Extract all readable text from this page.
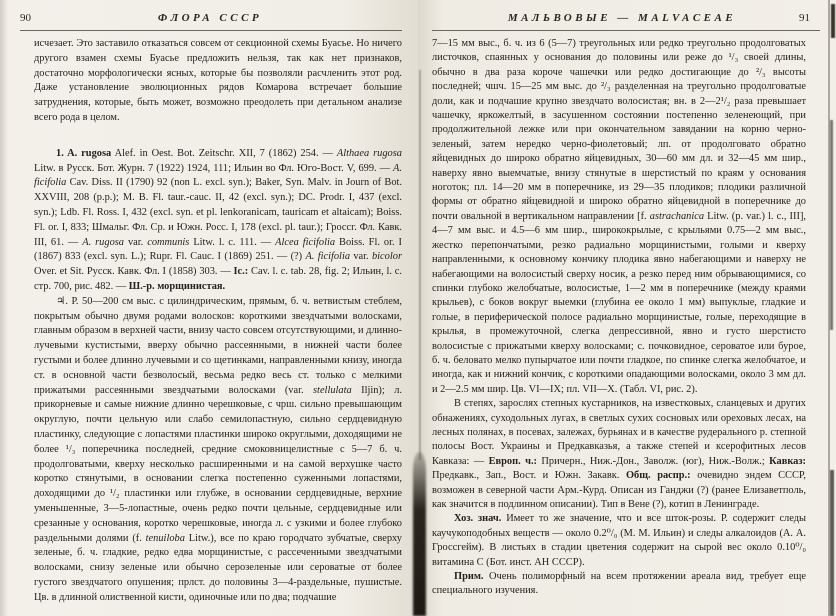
90	ФЛОРА СССР

исчезает. Это заставило отказаться совсем от секционной схемы Буасье. Но ничего другого взамен схемы Буасье предложить нельзя, так как нет признаков, достаточно морфологически ясных, которые бы позволяли расчленить этот род. Даже установление эволюционных рядов Комарова встречает большие затруднения, которые, быть может, возможно преодолеть при детальном анализе всего рода в целом.

1. A. rugosa Alef. in Oest. Bot. Zeitschr. XII, 7 (1862) 254. — Althaea rugosa Litw. в Русск. Бот. Журн. 7 (1922) 1924, 111; Ильин во Фл. Юго-Вост. V, 699. — A. ficifolia Cav. Diss. II (1790) 92 (non L. excl. syn.); Baker, Syn. Malv. in Journ of Bot. XXVIII, 208 (p.p.); M. B. Fl. taur.-cauc. II, 42 (excl. syn.); DC. Prodr. I, 437 (excl. syn.); Ldb. Fl. Ross. I, 432 (excl. syn. et pl. lenkoranicam, tauricam et altaicam); Boiss. Fl. or. I, 833; Шмальг. Фл. Ср. и Южн. Росс. I, 178 (excl. pl. taur.); Гроссг. Фл. Кавк. III, 61. — A. rugosa var. communis Litw. l. c. 111. — Alcea ficifolia Boiss. Fl. or. I (1867) 833 (excl. syn. L.); Rupr. Fl. Cauc. I (1869) 251. — (?) A. ficifolia var. bicolor Over. et Sit. Русск. Кавк. Фл. I (1858) 303. — Ic.: Cav. l. c. tab. 28, fig. 2; Ильин, l. c. стр. 700, рис. 482. — Ш.-р. морщинистая.

♃. Р. 50—200 см выс. с цилиндрическим, прямым, б. ч. ветвистым стеблем, покрытым обычно двумя родами волосков: короткими звездчатыми волосками, главным образом в верхней части, внизу часто совсем отсутствующими, и длинно-лучевыми кустистыми, вверху обычно рассеянными, в нижней части более густыми и более длинно лучевыми и со щетинками, направленными книзу, иногда ст. в основной части безволосый, весьма редко весь ст. только с мелкими прижатыми рассеянными звездчатыми волосками (var. stellulata Iljin); л. прикорневые и самые нижние длинно черешковые, с чрш. сильно превышающим округлую, почти цельную или слабо семилопастную, сильно сердцевидную пластинку, следующие с лопастями пластинки широко округлыми, доходящими не более ¹/₃ поперечника последней, средние смоковницелистные с 5—7 б. ч. продолговатыми, кверху несколько расширенными и на самой верхушке часто коротко стянутыми, в основании слегка постепенно суженными лопастями, доходящими до ¹/₂ пластинки или глубже, в основании сердцевидные, верхние уменьшенные, 3—5-лопастные, очень редко почти цельные, сердцевидные или срезанные у основания, коротко черешковые, иногда л. с узкими и более глубоко раздельными долями (f. tenuiloba Litw.), все по краю городчато зубчатые, сверху зеленые, б. ч. гладкие, редко едва морщинистые, с рассеченными звездчатыми волосками, снизу зеленые или обычно серозеленые или сероватые от более густого звездчатого опушения; прлст. до половины 3—4-раздельные, пушистые. Цв. в длинной олиственной кисти, одиночные или по два; подчашие

МАЛЬВОВЫЕ — MALVACEAE	91

7—15 мм выс., б. ч. из 6 (5—7) треугольных или редко треугольно продолговатых листочков, спаянных у основания до половины или реже до ¹/₃ своей длины, обычно в два раза короче чашечки или редко достигающие до ²/₃ высоты последней; чшч. 15—25 мм выс. до ²/₃ разделенная на треугольно продолговатые доли, как и подчашие крупно звездчато волосистая; вн. в 2—2¹/₂ раза превышает чашечку, яркожелтый, в засушенном состоянии постепенно зеленеющий, при продолжительной лежке или при окончательном завядании на корню черно-зеленый, затем нередко черно-фиолетовый; лп. от продолговато обратно яйцевидных до широко обратно яйцевидных, 30—60 мм дл. и 32—45 мм шир., наверху явно выемчатые, внизу стянутые в шерстистый по краям у основания ноготок; пл. 14—20 мм в поперечнике, из 29—35 плодиков; плодики различной формы от обратно яйцевидной и широко обратно яйцевидной в поперечнике до почти овальной в вертикальном направлении [f. astrachanica Litw. (p. var.) l. c., III], 4—7 мм выс. и 4.5—6 мм шир., ширококрылые, с крыльями 0.75—2 мм выс., жестко перепончатыми, резко радиально морщинистыми, голыми и кверху направленными, к основному кончику плодика явно набегающими и наверху не набегающими на волосистый сверху носик, а резко перед ним обрывающимися, со спинки глубоко желобчатые, волосистые, 1—2 мм в поперечнике (между краями крыльев), с боков вокруг выемки (глубина ее около 1 мм) выпуклые, гладкие и голые, в периферической полосе радиально морщинистые, голые, переходящие в крылья, в промежуточной, слегка депрессивной, явно и густо шерстисто волосистые с прижатыми кверху волосками; с. почковидное, сероватое или бурое, б. ч. беловато мелко пупырчатое или почти гладкое, по спинке слегка желобчатое, и иногда, как и нижний кончик, с короткими опадающими волосками, около 3 мм дл. и 2—2.5 мм шир. Цв. VI—IX; пл. VII—X. (Табл. VI, рис. 2).

В степях, зарослях степных кустарников, на известковых, сланцевых и других обнажениях, суходольных лугах, в светлых сухих сосновых или ореховых лесах, на лесных полянах, в посевах, залежах, бурьянах и в качестве рудерального р. степной полосы Вост. Украины и Предкавказья, а также степей и ксерофитных лесов Кавказа: — Европ. ч.: Причерн., Ниж.-Дон., Заволж. (юг), Ниж.-Волж.; Кавказ: Предкавк., Зап., Вост. и Южн. Закавк. Общ. распр.: очевидно эндем СССР, возможен в северной части Арм.-Курд. Описан из Ганджи (?) (ранее Елизаветполь, как значится в подлинном описании). Тип в Вене (?), котип в Ленинграде.

Хоз. знач. Имеет то же значение, что и все шток-розы. Р. содержит следы каучукоподобных веществ — около 0.2⁰/₀ (М. М. Ильин) и следы алкалоидов (А. А. Гроссгейм). В листьях в стадии цветения содержит на сырой вес около 0.10⁰/₀ витамина С (Бот. инст. АН СССР).

Прим. Очень полиморфный на всем протяжении ареала вид, требует еще специального изучения.
